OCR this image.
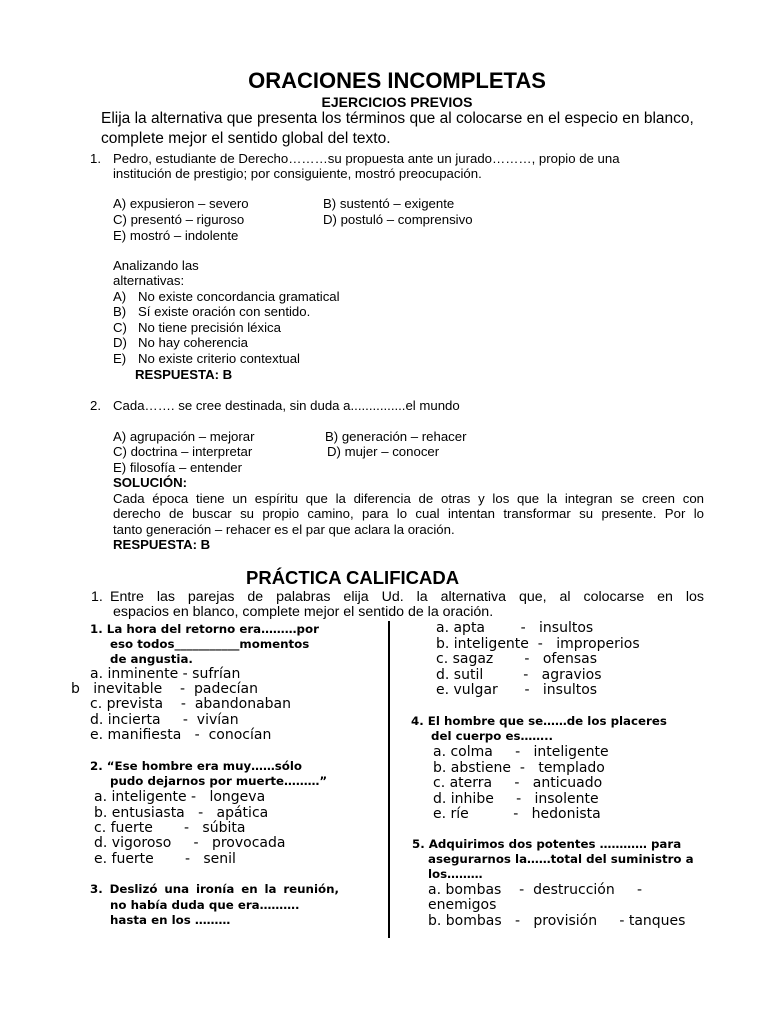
ORACIONES INCOMPLETAS
EJERCICIOS PREVIOS
Elija la alternativa que presenta los términos que al colocarse en el especio en blanco,
complete mejor el sentido global del texto.
1. Pedro, estudiante de Derecho………su propuesta ante un jurado………, propio de una
institución de prestigio; por consiguiente, mostró preocupación.
A) expusieron – severo	B) sustentó – exigente
C) presentó – riguroso	D) postuló – comprensivo
E) mostró – indolente
Analizando las
alternativas:
A) No existe concordancia gramatical
B) Sí existe oración con sentido.
C) No tiene precisión léxica
D) No hay coherencia
E) No existe criterio contextual
RESPUESTA: B
2. Cada……. se cree destinada, sin duda a...............el mundo
A) agrupación – mejorar	B) generación – rehacer
C) doctrina – interpretar	D) mujer – conocer
E) filosofía – entender
SOLUCIÓN:
Cada época tiene un espíritu que la diferencia de otras y los que la integran se creen con
derecho de buscar su propio camino, para lo cual intentan transformar su presente. Por lo
tanto generación – rehacer es el par que aclara la oración.
RESPUESTA: B
PRÁCTICA CALIFICADA
1. Entre las parejas de palabras elija Ud. la alternativa que, al colocarse en los
espacios en blanco, complete mejor el sentido de la oración.
1. La hora del retorno era………por
eso todos___________momentos
de angustia.
a. inminente - sufrían
b   inevitable    -  padecían
c. prevista    -  abandonaban
d. incierta     -  vivían
e. manifiesta   -  conocían
2. “Ese hombre era muy……sólo
pudo dejarnos por muerte………”
a. inteligente -   longeva
b. entusiasta   -   apática
c. fuerte       -   súbita
d. vigoroso     -   provocada
e. fuerte       -   senil
3. Deslizó una ironía en la reunión,
no había duda que era……….
hasta en los ………
a. apta        -   insultos
b. inteligente  -   improperios
c. sagaz       -   ofensas
d. sutil         -   agravios
e. vulgar      -   insultos
4. El hombre que se……de los placeres
del cuerpo es……..
a. colma     -   inteligente
b. abstiene  -   templado
c. aterra     -   anticuado
d. inhibe     -   insolente
e. ríe          -   hedonista
5. Adquirimos dos potentes ………… para
asegurarnos la……total del suministro a
los………
a. bombas    -  destrucción     -
enemigos
b. bombas   -   provisión     - tanques
